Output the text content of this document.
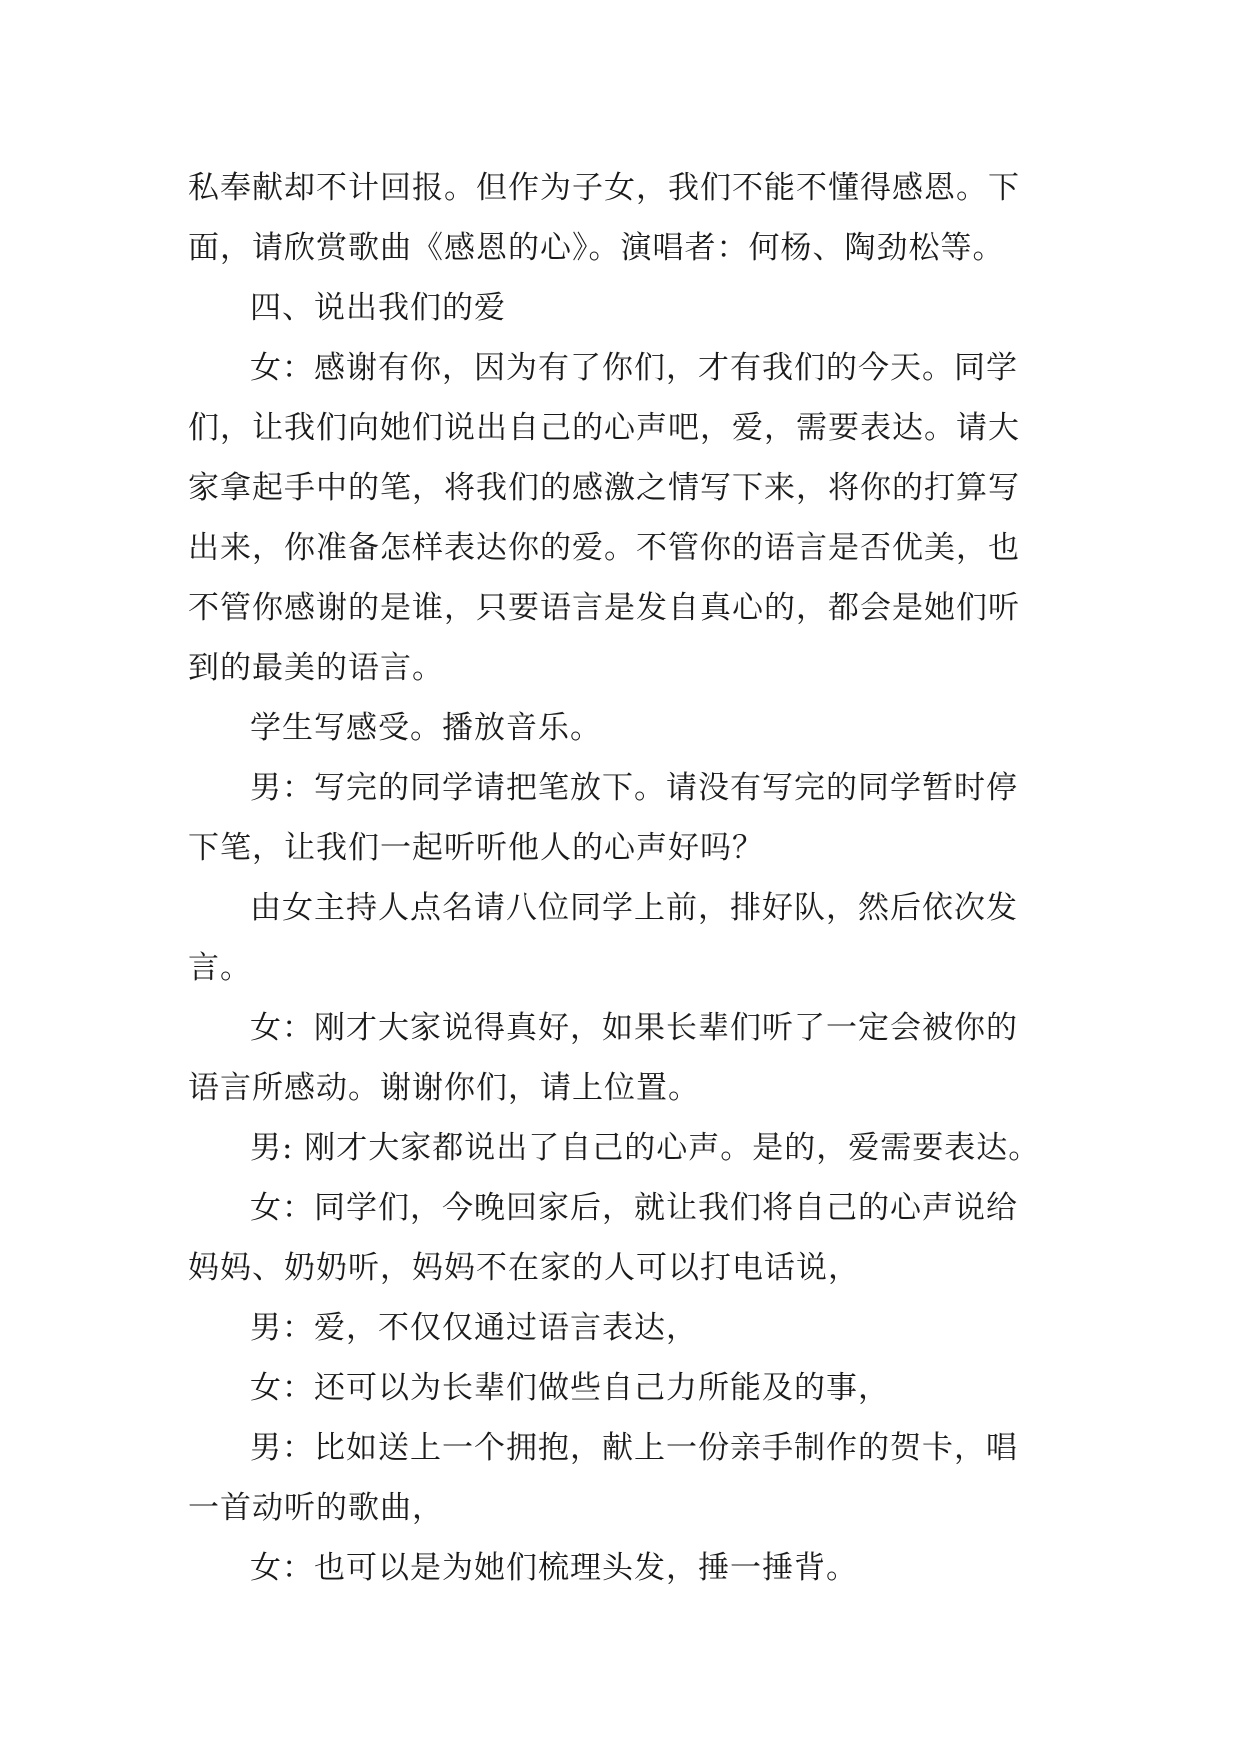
私奉献却不计回报。但作为子女，我们不能不懂得感恩。下
面，请欣赏歌曲《感恩的心》。演唱者：何杨、陶劲松等。
四、说出我们的爱
女：感谢有你，因为有了你们，才有我们的今天。同学
们，让我们向她们说出自己的心声吧，爱，需要表达。请大
家拿起手中的笔，将我们的感激之情写下来，将你的打算写
出来，你准备怎样表达你的爱。不管你的语言是否优美，也
不管你感谢的是谁，只要语言是发自真心的，都会是她们听
到的最美的语言。
学生写感受。播放音乐。
男：写完的同学请把笔放下。请没有写完的同学暂时停
下笔，让我们一起听听他人的心声好吗？
由女主持人点名请八位同学上前，排好队，然后依次发
言。
女：刚才大家说得真好，如果长辈们听了一定会被你的
语言所感动。谢谢你们，请上位置。
男: 刚才大家都说出了自己的心声。是的，爱需要表达。
女：同学们，今晚回家后，就让我们将自己的心声说给
妈妈、奶奶听，妈妈不在家的人可以打电话说，
男：爱，不仅仅通过语言表达，
女：还可以为长辈们做些自己力所能及的事，
男：比如送上一个拥抱，献上一份亲手制作的贺卡，唱
一首动听的歌曲，
女：也可以是为她们梳理头发，捶一捶背。
